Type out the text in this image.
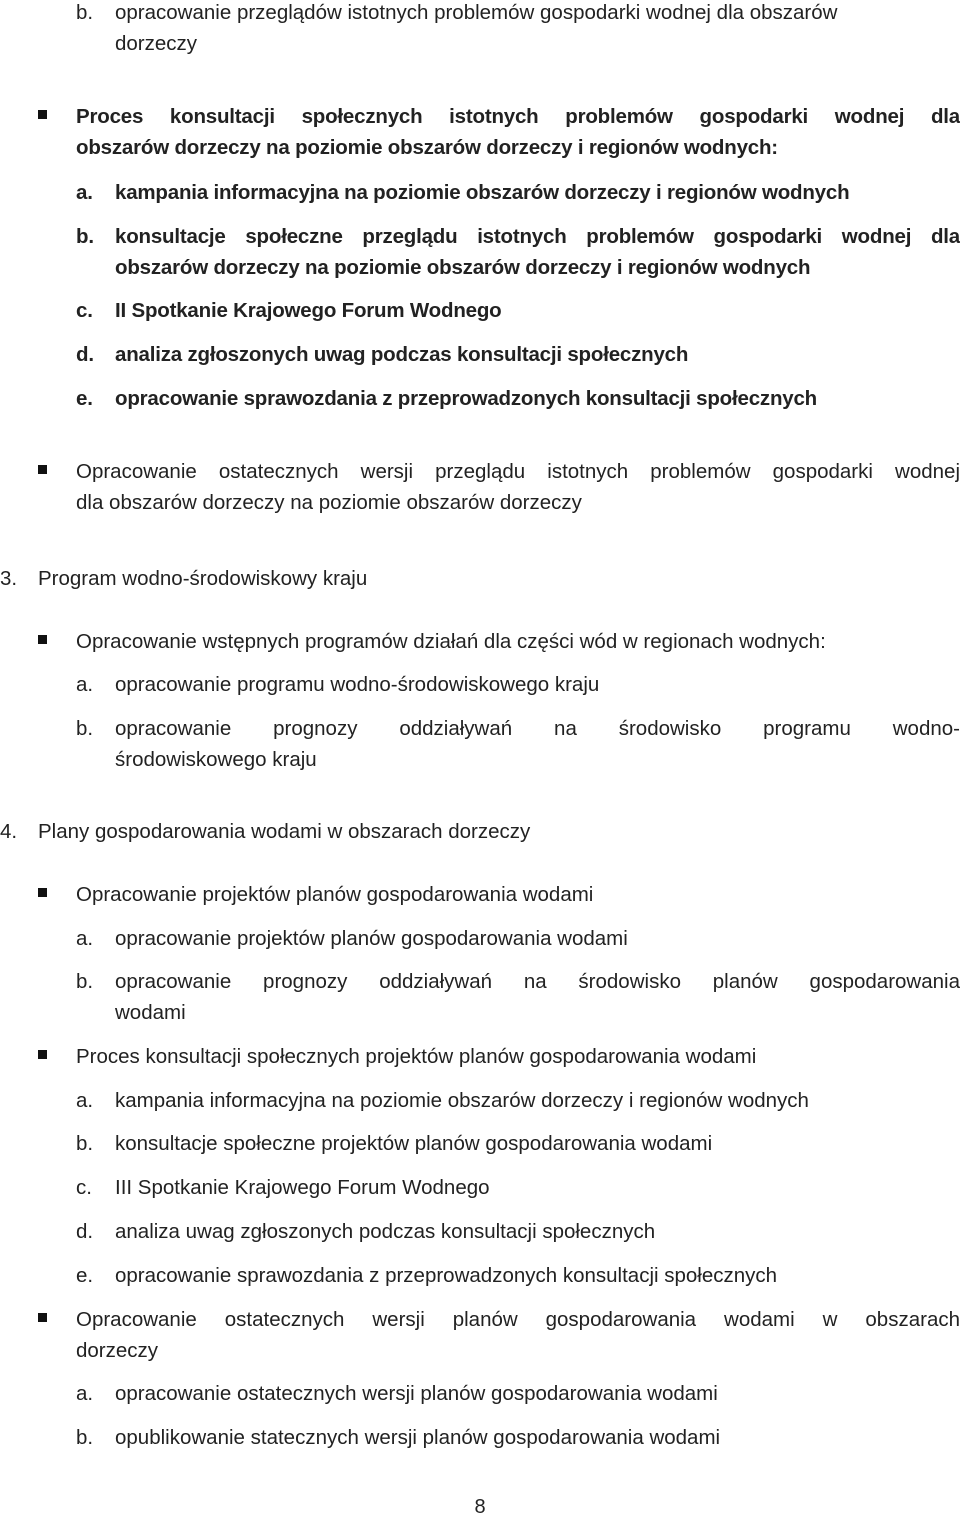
b. opracowanie przeglądów istotnych problemów gospodarki wodnej dla obszarów
dorzeczy
Proces konsultacji społecznych istotnych problemów gospodarki wodnej dla
obszarów dorzeczy na poziomie obszarów dorzeczy i regionów wodnych:
a. kampania informacyjna na poziomie obszarów dorzeczy i regionów wodnych
b. konsultacje społeczne przeglądu istotnych problemów gospodarki wodnej dla
obszarów dorzeczy na poziomie obszarów dorzeczy i regionów wodnych
c. II Spotkanie Krajowego Forum Wodnego
d. analiza zgłoszonych uwag podczas konsultacji społecznych
e. opracowanie sprawozdania z przeprowadzonych konsultacji społecznych
Opracowanie ostatecznych wersji przeglądu istotnych problemów gospodarki wodnej
dla obszarów dorzeczy na poziomie obszarów dorzeczy
3. Program wodno-środowiskowy kraju
Opracowanie wstępnych programów działań dla części wód w regionach wodnych:
a. opracowanie programu wodno-środowiskowego kraju
b. opracowanie prognozy oddziaływań na środowisko programu wodno-
środowiskowego kraju
4. Plany gospodarowania wodami w obszarach dorzeczy
Opracowanie projektów planów gospodarowania wodami
a. opracowanie projektów planów gospodarowania wodami
b. opracowanie prognozy oddziaływań na środowisko planów gospodarowania
wodami
Proces konsultacji społecznych projektów planów gospodarowania wodami
a. kampania informacyjna na poziomie obszarów dorzeczy i regionów wodnych
b. konsultacje społeczne projektów planów gospodarowania wodami
c. III Spotkanie Krajowego Forum Wodnego
d. analiza uwag zgłoszonych podczas konsultacji społecznych
e. opracowanie sprawozdania z przeprowadzonych konsultacji społecznych
Opracowanie ostatecznych wersji planów gospodarowania wodami w obszarach
dorzeczy
a. opracowanie ostatecznych wersji planów gospodarowania wodami
b. opublikowanie statecznych wersji planów gospodarowania wodami
8
